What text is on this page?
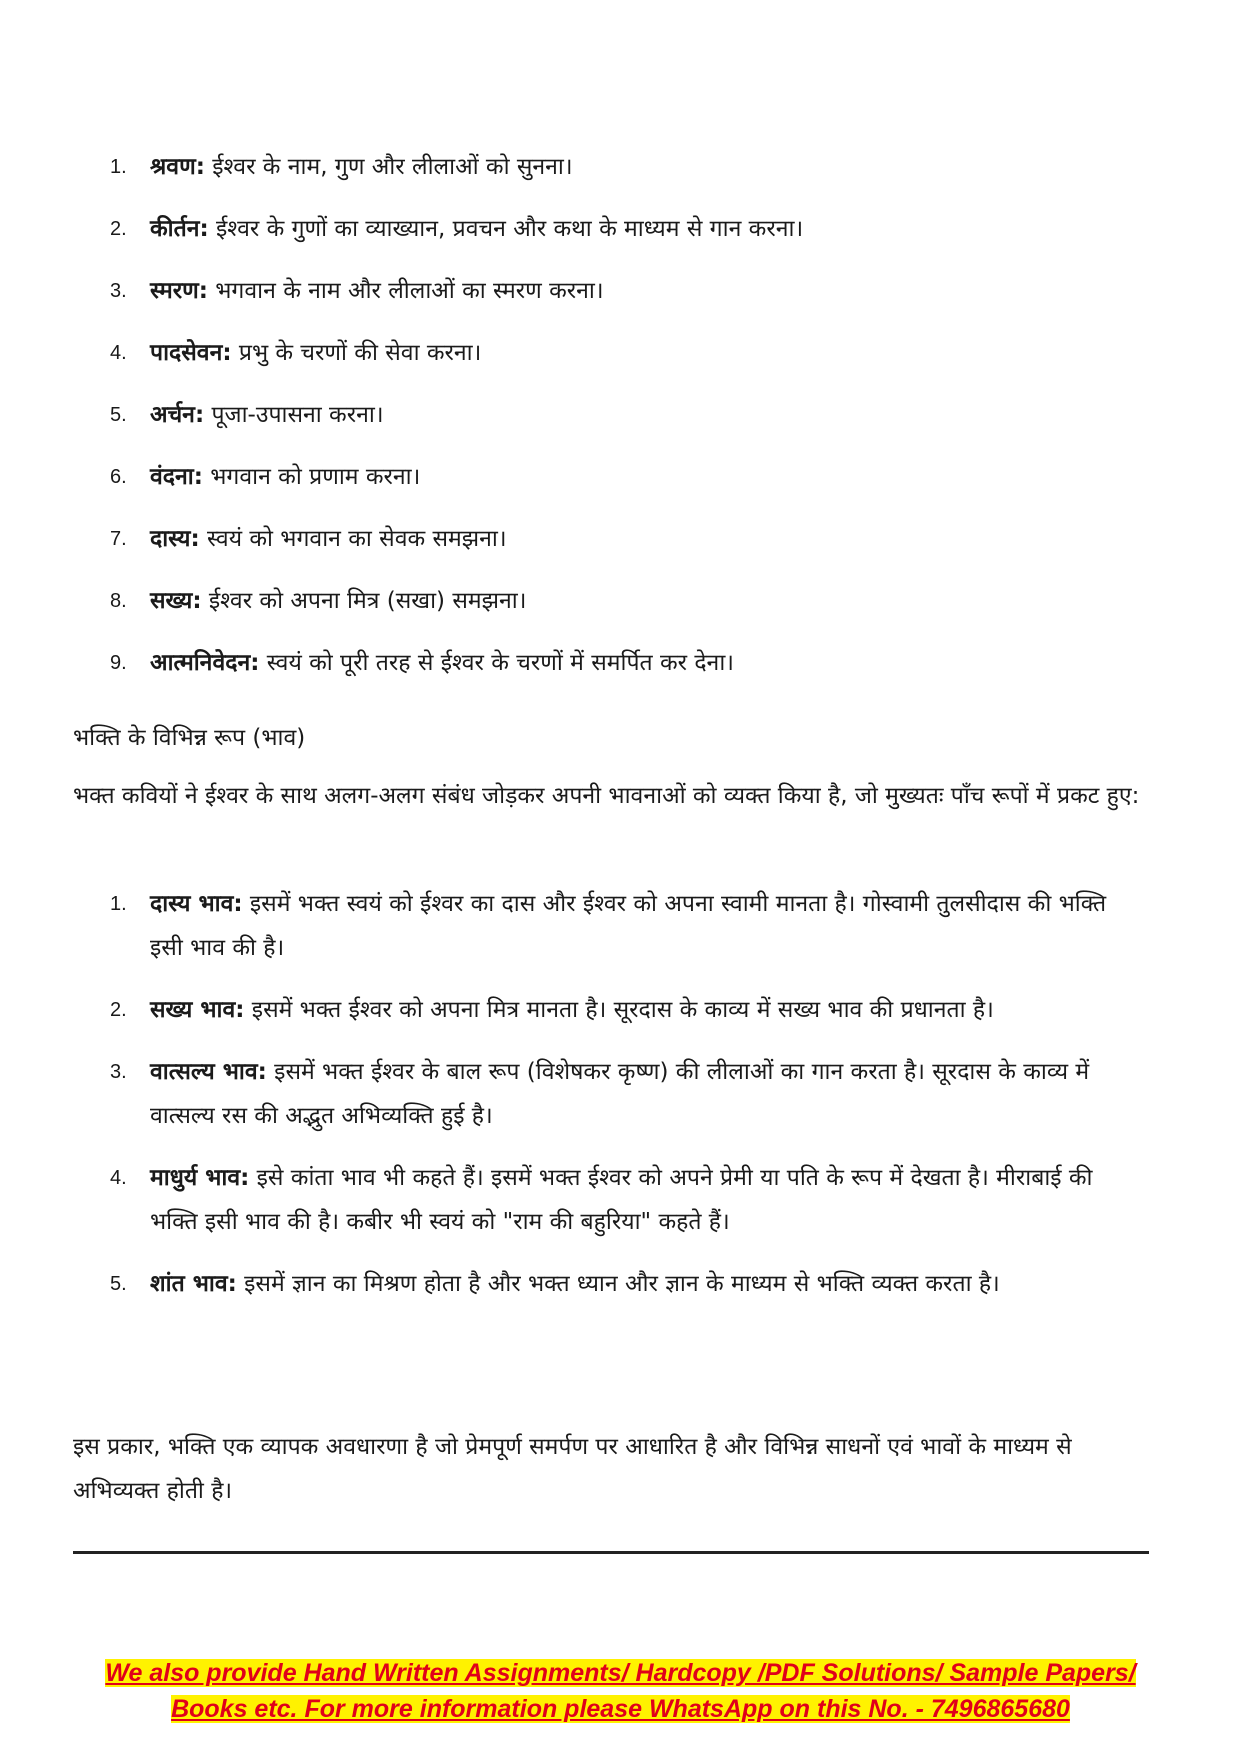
1.	श्रवण: ईश्वर के नाम, गुण और लीलाओं को सुनना।
2.	कीर्तन: ईश्वर के गुणों का व्याख्यान, प्रवचन और कथा के माध्यम से गान करना।
3.	स्मरण: भगवान के नाम और लीलाओं का स्मरण करना।
4.	पादसेवन: प्रभु के चरणों की सेवा करना।
5.	अर्चन: पूजा-उपासना करना।
6.	वंदना: भगवान को प्रणाम करना।
7.	दास्य: स्वयं को भगवान का सेवक समझना।
8.	सख्य: ईश्वर को अपना मित्र (सखा) समझना।
9.	आत्मनिवेदन: स्वयं को पूरी तरह से ईश्वर के चरणों में समर्पित कर देना।

भक्ति के विभिन्न रूप (भाव)

भक्त कवियों ने ईश्वर के साथ अलग-अलग संबंध जोड़कर अपनी भावनाओं को व्यक्त किया है, जो मुख्यतः पाँच रूपों में प्रकट हुए:

1.	दास्य भाव: इसमें भक्त स्वयं को ईश्वर का दास और ईश्वर को अपना स्वामी मानता है। गोस्वामी तुलसीदास की भक्ति इसी भाव की है।
2.	सख्य भाव: इसमें भक्त ईश्वर को अपना मित्र मानता है। सूरदास के काव्य में सख्य भाव की प्रधानता है।
3.	वात्सल्य भाव: इसमें भक्त ईश्वर के बाल रूप (विशेषकर कृष्ण) की लीलाओं का गान करता है। सूरदास के काव्य में वात्सल्य रस की अद्भुत अभिव्यक्ति हुई है।
4.	माधुर्य भाव: इसे कांता भाव भी कहते हैं। इसमें भक्त ईश्वर को अपने प्रेमी या पति के रूप में देखता है। मीराबाई की भक्ति इसी भाव की है। कबीर भी स्वयं को "राम की बहुरिया" कहते हैं।
5.	शांत भाव: इसमें ज्ञान का मिश्रण होता है और भक्त ध्यान और ज्ञान के माध्यम से भक्ति व्यक्त करता है।

इस प्रकार, भक्ति एक व्यापक अवधारणा है जो प्रेमपूर्ण समर्पण पर आधारित है और विभिन्न साधनों एवं भावों के माध्यम से अभिव्यक्त होती है।

We also provide Hand Written Assignments/ Hardcopy /PDF Solutions/ Sample Papers/
Books etc. For more information please WhatsApp on this No. - 7496865680
